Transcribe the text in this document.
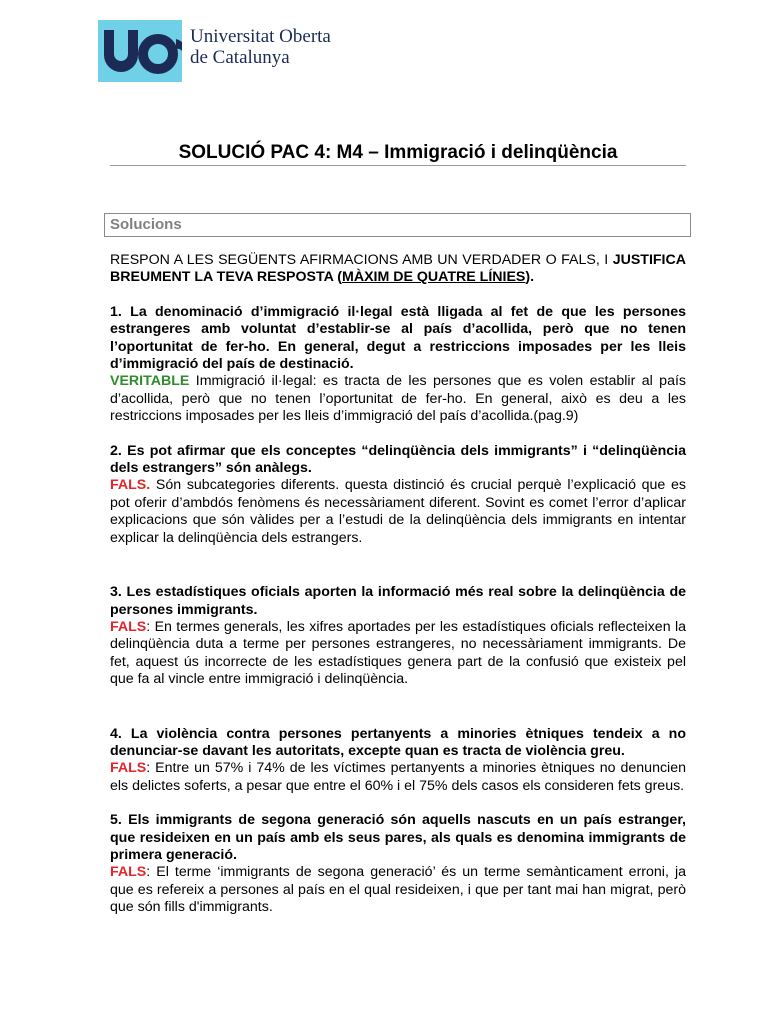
Universitat Oberta
de Catalunya
SOLUCIÓ PAC 4: M4 – Immigració i delinqüència
Solucions

RESPON A LES SEGÜENTS AFIRMACIONS AMB UN VERDADER O FALS, I JUSTIFICA BREUMENT LA TEVA RESPOSTA (MÀXIM DE QUATRE LÍNIES).

1. La denominació d’immigració il·legal està lligada al fet de que les persones estrangeres amb voluntat d’establir-se al país d’acollida, però que no tenen l’oportunitat de fer-ho. En general, degut a restriccions imposades per les lleis d’immigració del país de destinació.

VERITABLE Immigració il·legal: es tracta de les persones que es volen establir al país d’acollida, però que no tenen l’oportunitat de fer-ho. En general, això es deu a les restriccions imposades per les lleis d’immigració del país d’acollida.(pag.9)

2. Es pot afirmar que els conceptes “delinqüència dels immigrants” i “delinqüència dels estrangers” són anàlegs.

FALS. Són subcategories diferents. questa distinció és crucial perquè l’explicació que es pot oferir d’ambdós fenòmens és necessàriament diferent. Sovint es comet l’error d’aplicar explicacions que són vàlides per a l’estudi de la delinqüència dels immigrants en intentar explicar la delinqüència dels estrangers.

3. Les estadístiques oficials aporten la informació més real sobre la delinqüència de persones immigrants.

FALS: En termes generals, les xifres aportades per les estadístiques oficials reflecteixen la delinqüència duta a terme per persones estrangeres, no necessàriament immigrants. De fet, aquest ús incorrecte de les estadístiques genera part de la confusió que existeix pel que fa al vincle entre immigració i delinqüència.

4. La violència contra persones pertanyents a minories ètniques tendeix a no denunciar-se davant les autoritats, excepte quan es tracta de violència greu.

FALS: Entre un 57% i 74% de les víctimes pertanyents a minories ètniques no denuncien els delictes soferts, a pesar que entre el 60% i el 75% dels casos els consideren fets greus.

5. Els immigrants de segona generació són aquells nascuts en un país estranger, que resideixen en un país amb els seus pares, als quals es denomina immigrants de primera generació.

FALS: El terme ‘immigrants de segona generació’ és un terme semànticament erroni, ja que es refereix a persones al país en el qual resideixen, i que per tant mai han migrat, però que són fills d'immigrants.
